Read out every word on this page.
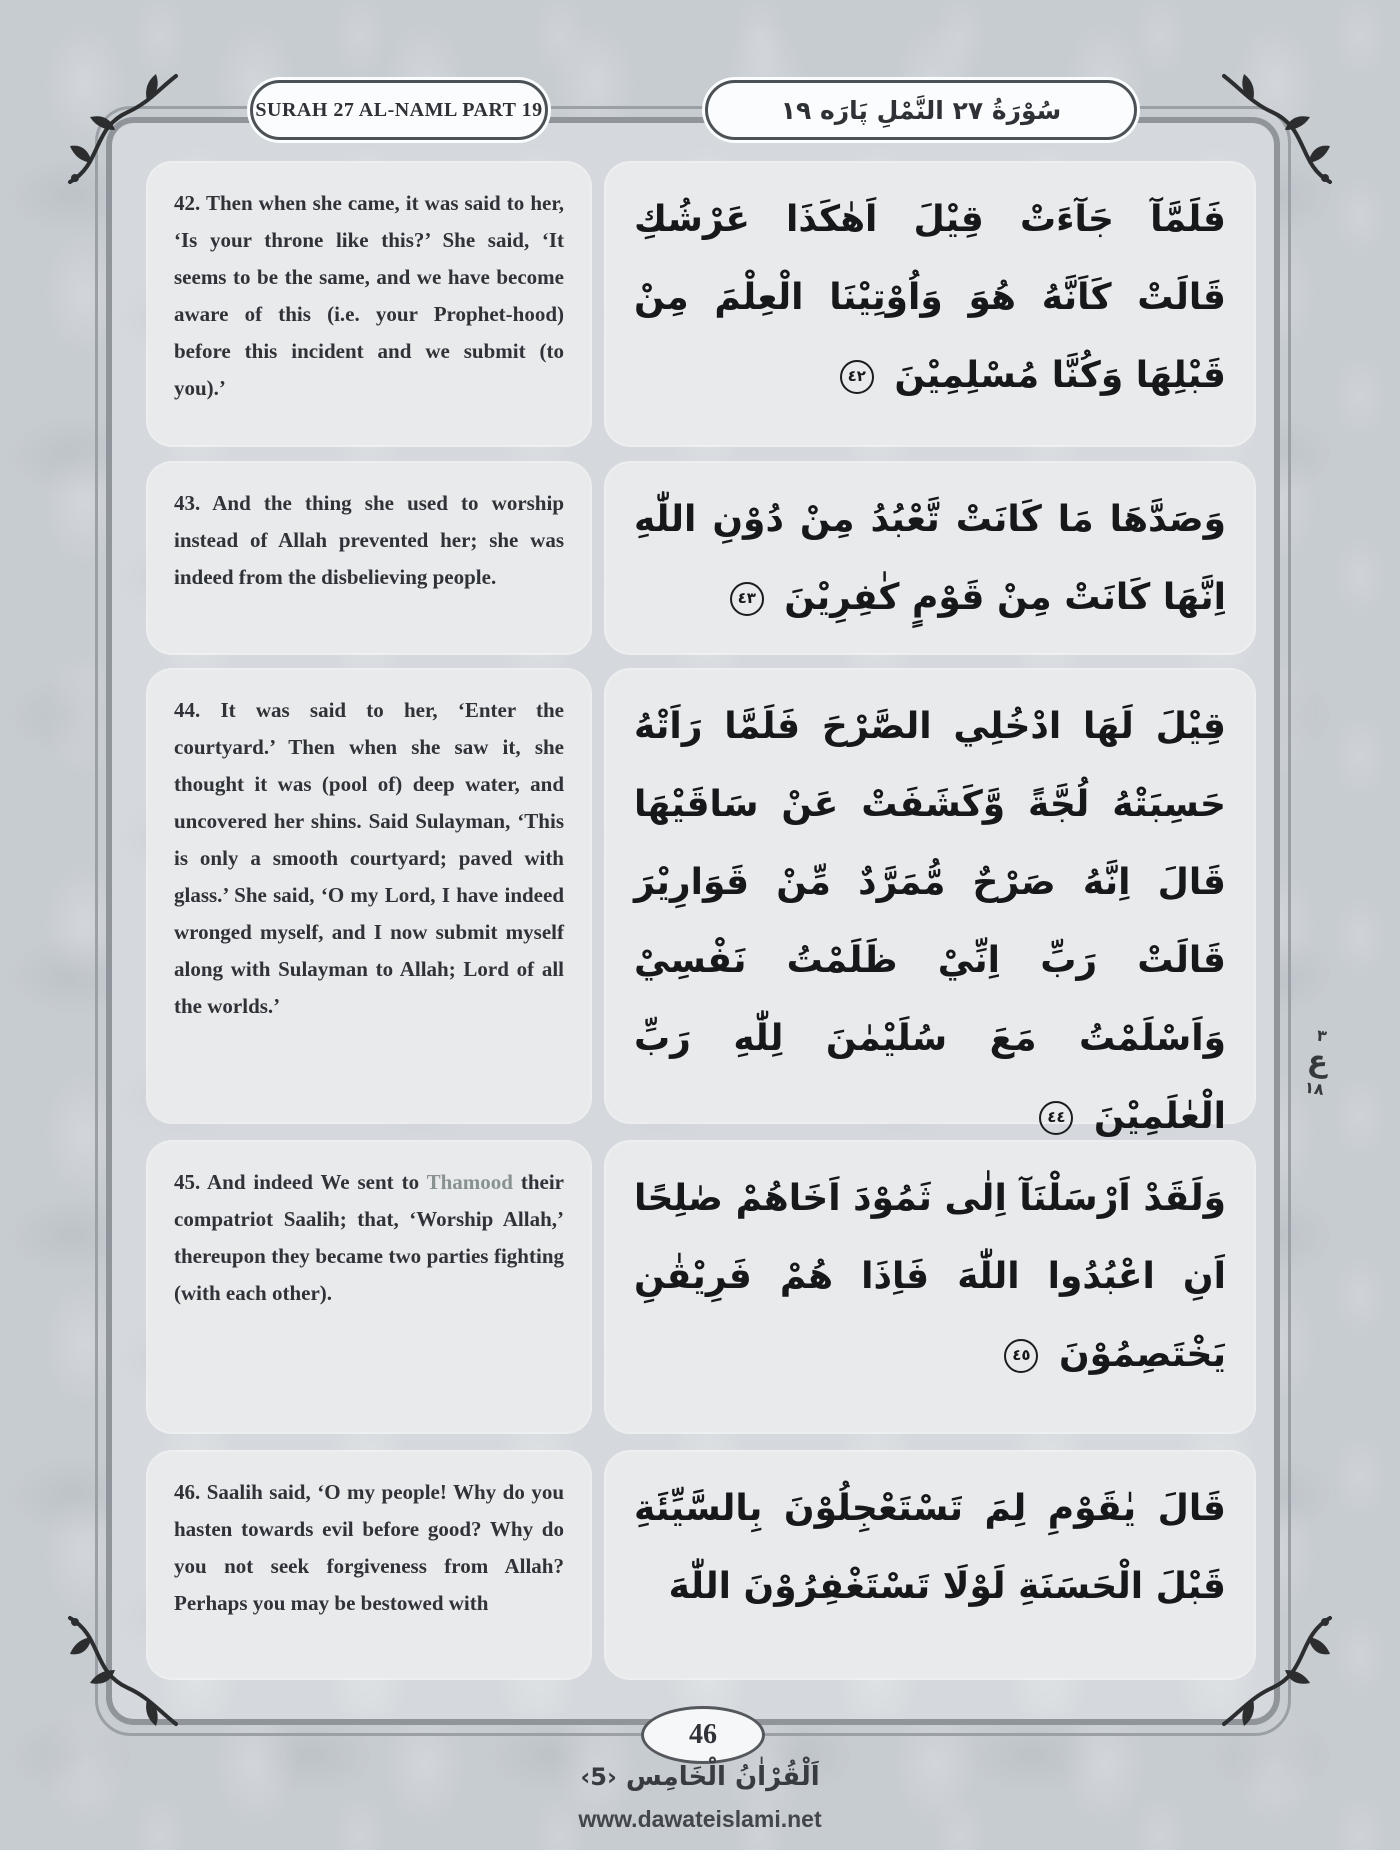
SURAH 27 AL-NAML PART 19	سُوْرَةُ ٢٧ النَّمْلِ پَارَه ١٩

42. Then when she came, it was said to her, ‘Is your throne like this?’ She said, ‘It seems to be the same, and we have become aware of this (i.e. your Prophet-hood) before this incident and we submit (to you).’

فَلَمَّآ جَآءَتْ قِيْلَ اَهٰكَذَا عَرْشُكِ قَالَتْ كَاَنَّهُ هُوَ وَاُوْتِيْنَا الْعِلْمَ مِنْ قَبْلِهَا وَكُنَّا مُسْلِمِيْنَ ٤٢

43. And the thing she used to worship instead of Allah prevented her; she was indeed from the disbelieving people.

وَصَدَّهَا مَا كَانَتْ تَّعْبُدُ مِنْ دُوْنِ اللّٰهِ اِنَّهَا كَانَتْ مِنْ قَوْمٍ كٰفِرِيْنَ ٤٣

44. It was said to her, ‘Enter the courtyard.’ Then when she saw it, she thought it was (pool of) deep water, and uncovered her shins. Said Sulayman, ‘This is only a smooth courtyard; paved with glass.’ She said, ‘O my Lord, I have indeed wronged myself, and I now submit myself along with Sulayman to Allah; Lord of all the worlds.’

قِيْلَ لَهَا ادْخُلِي الصَّرْحَ فَلَمَّا رَاَتْهُ حَسِبَتْهُ لُجَّةً وَّكَشَفَتْ عَنْ سَاقَيْهَا قَالَ اِنَّهُ صَرْحٌ مُّمَرَّدٌ مِّنْ قَوَارِيْرَ قَالَتْ رَبِّ اِنِّيْ ظَلَمْتُ نَفْسِيْ وَاَسْلَمْتُ مَعَ سُلَيْمٰنَ لِلّٰهِ رَبِّ الْعٰلَمِيْنَ ٤٤

45. And indeed We sent to Thamood their compatriot Saalih; that, ‘Worship Allah,’ thereupon they became two parties fighting (with each other).

وَلَقَدْ اَرْسَلْنَآ اِلٰى ثَمُوْدَ اَخَاهُمْ صٰلِحًا اَنِ اعْبُدُوا اللّٰهَ فَاِذَا هُمْ فَرِيْقٰنِ يَخْتَصِمُوْنَ ٤٥

46. Saalih said, ‘O my people! Why do you hasten towards evil before good? Why do you not seek forgiveness from Allah? Perhaps you may be bestowed with

قَالَ يٰقَوْمِ لِمَ تَسْتَعْجِلُوْنَ بِالسَّيِّئَةِ قَبْلَ الْحَسَنَةِ لَوْلَا تَسْتَغْفِرُوْنَ اللّٰهَ

٣
ع
١٨
46
اَلْقُرْاٰنُ الْخَامِس ‹5›
www.dawateislami.net
